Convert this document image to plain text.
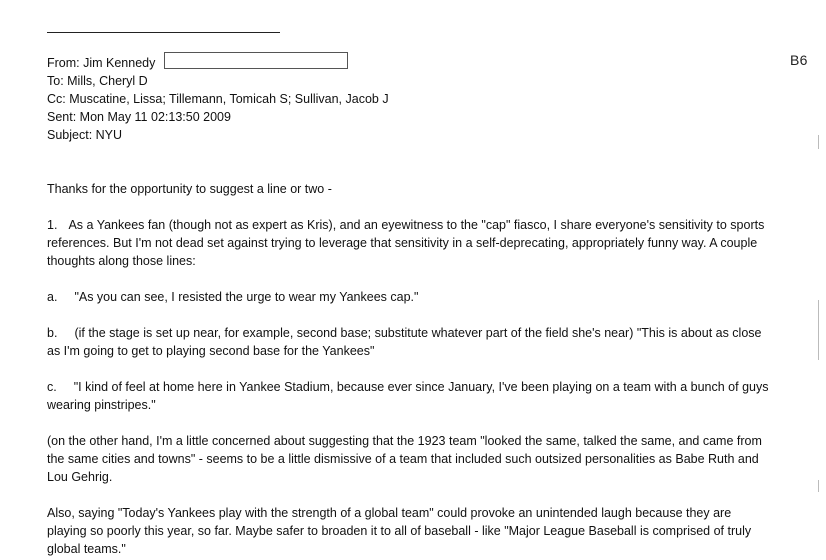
From: Jim Kennedy
To: Mills, Cheryl D
Cc: Muscatine, Lissa; Tillemann, Tomicah S; Sullivan, Jacob J
Sent: Mon May 11 02:13:50 2009
Subject: NYU
B6

Thanks for the opportunity to suggest a line or two -

1. As a Yankees fan (though not as expert as Kris), and an eyewitness to the "cap" fiasco, I share everyone's sensitivity to sports references. But I'm not dead set against trying to leverage that sensitivity in a self-deprecating, appropriately funny way. A couple thoughts along those lines:

a. "As you can see, I resisted the urge to wear my Yankees cap."

b. (if the stage is set up near, for example, second base; substitute whatever part of the field she's near) "This is about as close as I'm going to get to playing second base for the Yankees"

c. "I kind of feel at home here in Yankee Stadium, because ever since January, I've been playing on a team with a bunch of guys wearing pinstripes."

(on the other hand, I'm a little concerned about suggesting that the 1923 team "looked the same, talked the same, and came from the same cities and towns" - seems to be a little dismissive of a team that included such outsized personalities as Babe Ruth and Lou Gehrig.

Also, saying "Today's Yankees play with the strength of a global team" could provoke an unintended laugh because they are playing so poorly this year, so far. Maybe safer to broaden it to all of baseball - like "Major League Baseball is comprised of truly global teams."
